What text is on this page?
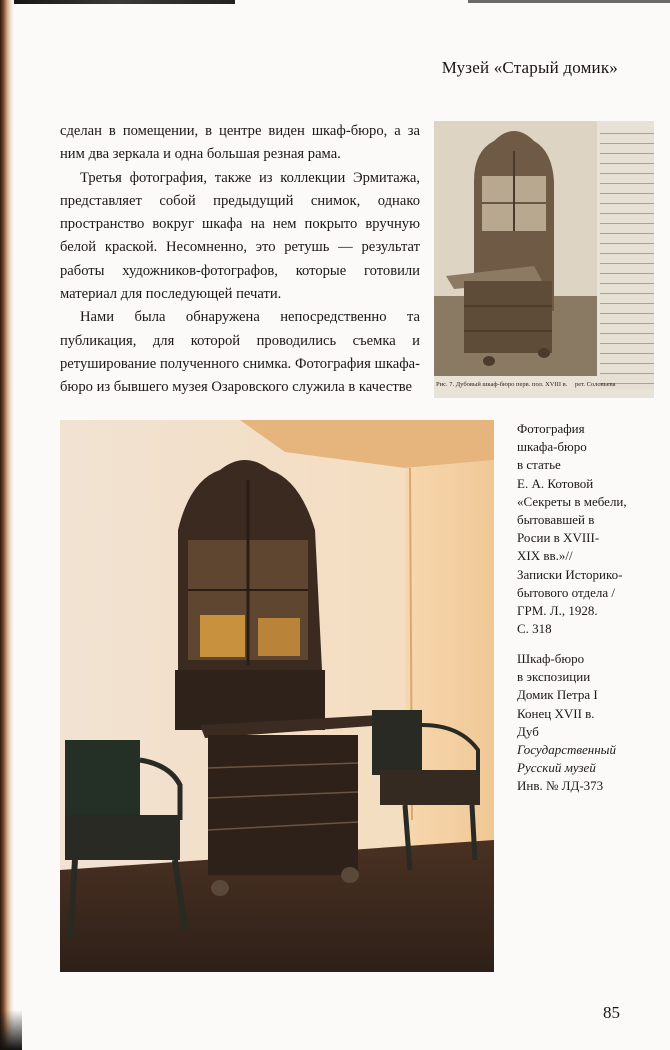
Музей «Старый домик»

сделан в помещении, в центре виден шкаф-бюро, а за ним два зеркала и одна большая резная рама.

Третья фотография, также из коллекции Эрмитажа, представляет собой предыдущий снимок, однако пространство вокруг шкафа на нем покрыто вручную белой краской. Несомненно, это ретушь — результат работы художников-фотографов, которые готовили материал для последующей печати.

Нами была обнаружена непосредственно та публикация, для которой проводились съемка и ретуширование полученного снимка. Фотография шкафа-бюро из бывшего музея Озаровского служила в качестве	Рис. 7. Дубовый шкаф-бюро перв. пол. XVIII в. рет. Соловьева
Фотография
шкафа-бюро
в статье
Е. А. Котовой
«Секреты в мебели,
бытовавшей в
Росии в XVIII-
XIX вв.»//
Записки Историко-
бытового отдела /
ГРМ. Л., 1928.
С. 318
Шкаф-бюро
в экспозиции
Домик Петра I
Конец XVII в.
Дуб
Государственный
Русский музей
Инв. № ЛД-373
85
